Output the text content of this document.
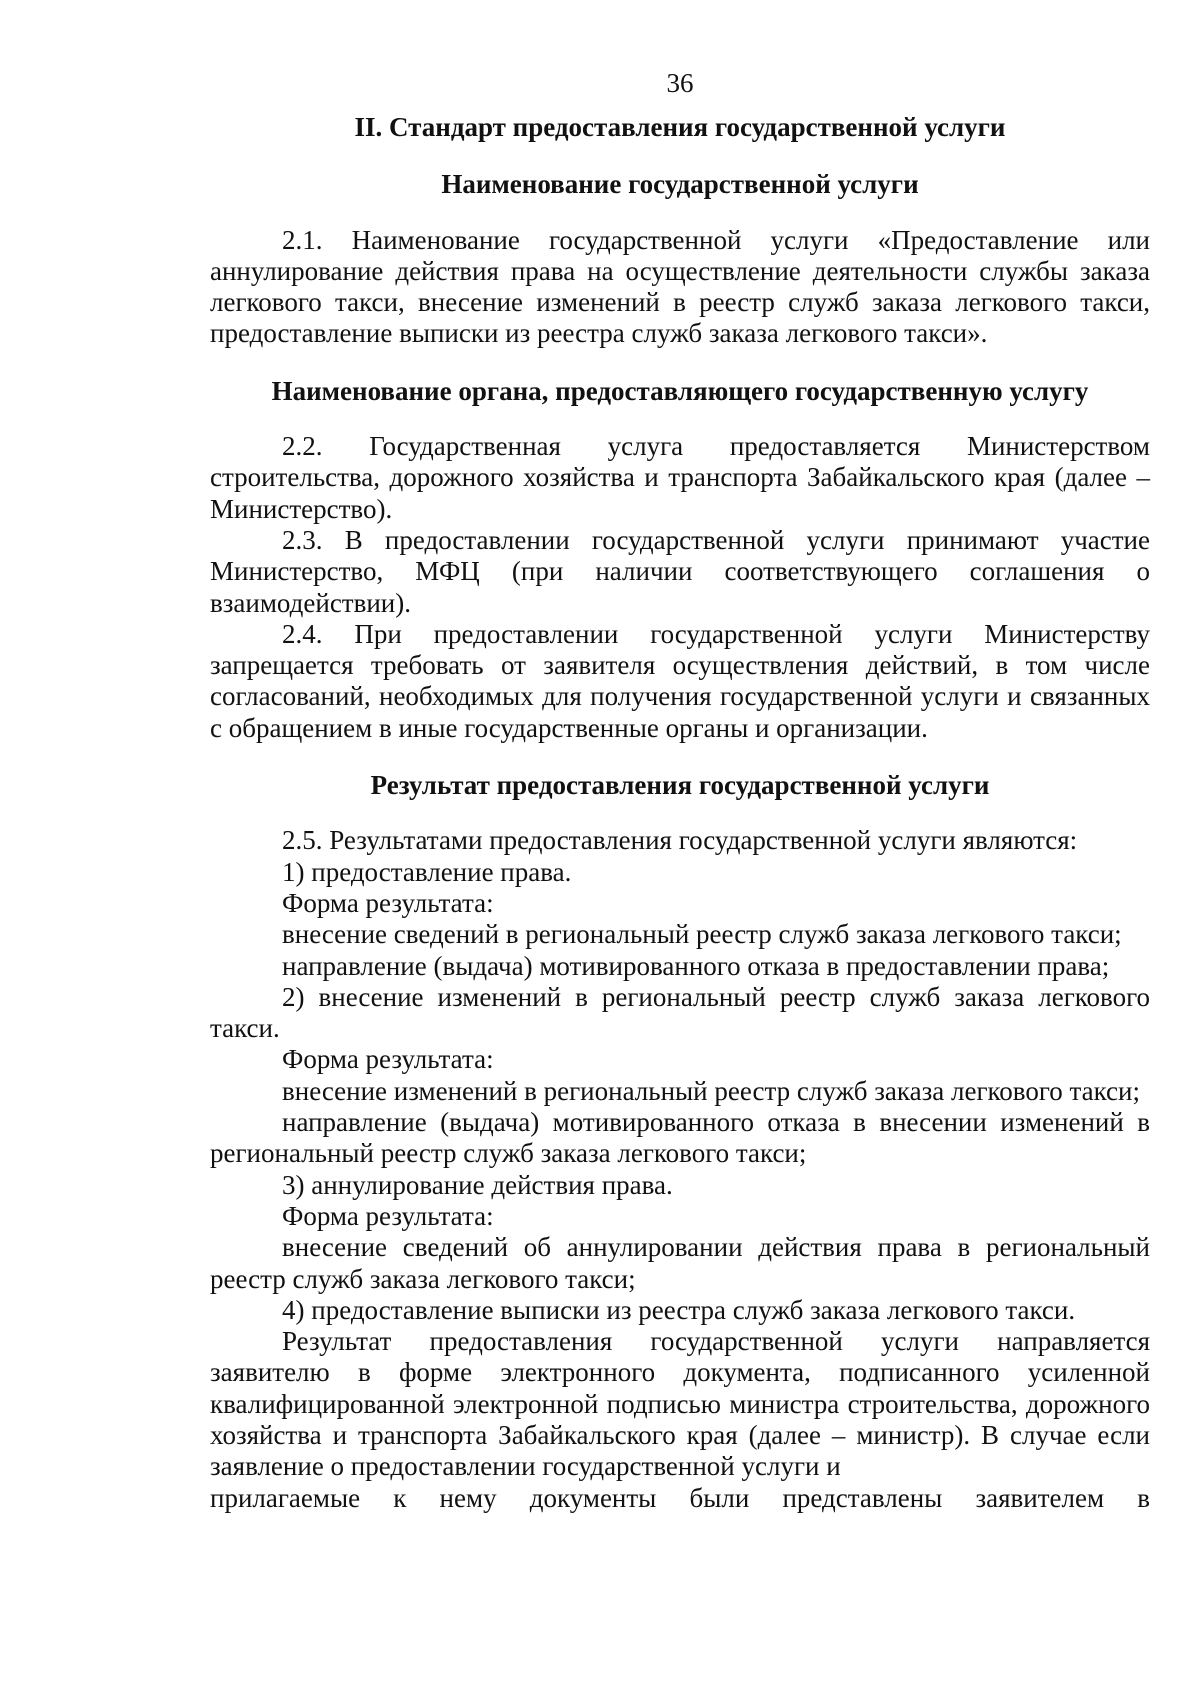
36

II. Стандарт предоставления государственной услуги

Наименование государственной услуги

2.1. Наименование государственной услуги «Предоставление или аннулирование действия права на осуществление деятельности службы заказа легкового такси, внесение изменений в реестр служб заказа легкового такси, предоставление выписки из реестра служб заказа легкового такси».

Наименование органа, предоставляющего государственную услугу

2.2. Государственная услуга предоставляется Министерством строительства, дорожного хозяйства и транспорта Забайкальского края (далее – Министерство).

2.3. В предоставлении государственной услуги принимают участие Министерство, МФЦ (при наличии соответствующего соглашения о взаимодействии).

2.4. При предоставлении государственной услуги Министерству запрещается требовать от заявителя осуществления действий, в том числе согласований, необходимых для получения государственной услуги и связанных с обращением в иные государственные органы и организации.

Результат предоставления государственной услуги

2.5. Результатами предоставления государственной услуги являются:

1) предоставление права.

Форма результата:

внесение сведений в региональный реестр служб заказа легкового такси;

направление (выдача) мотивированного отказа в предоставлении права;

2) внесение изменений в региональный реестр служб заказа легкового такси.

Форма результата:

внесение изменений в региональный реестр служб заказа легкового такси;

направление (выдача) мотивированного отказа в внесении изменений в региональный реестр служб заказа легкового такси;

3) аннулирование действия права.

Форма результата:

внесение сведений об аннулировании действия права в региональный реестр служб заказа легкового такси;

4) предоставление выписки из реестра служб заказа легкового такси.

Результат предоставления государственной услуги направляется заявителю в форме электронного документа, подписанного усиленной квалифицированной электронной подписью министра строительства, дорожного хозяйства и транспорта Забайкальского края (далее – министр). В случае если заявление о предоставлении государственной услуги и

прилагаемые к нему документы были представлены заявителем в
